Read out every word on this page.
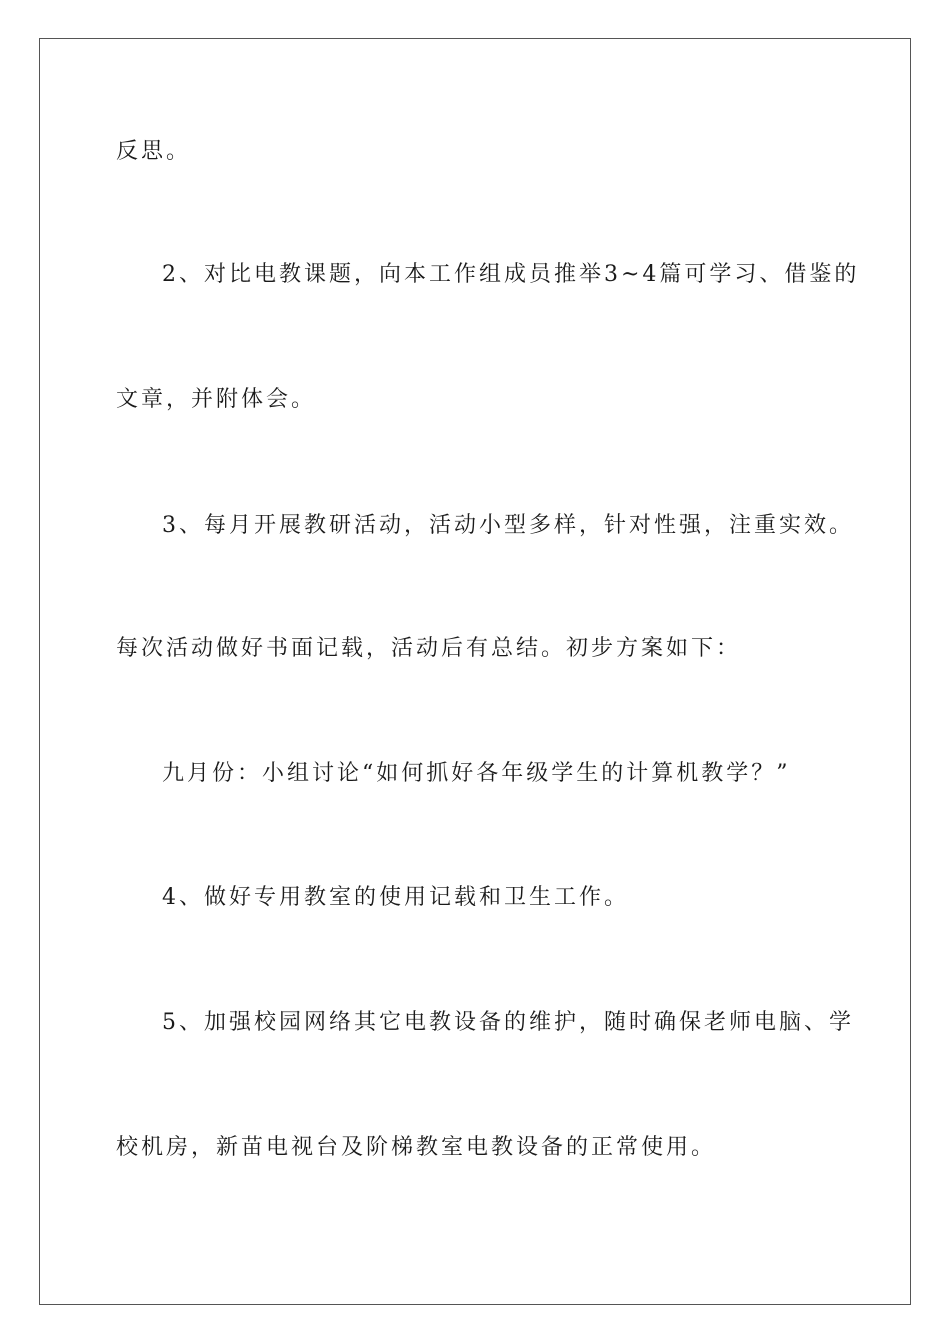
反思。
2、对比电教课题，向本工作组成员推举3~4篇可学习、借鉴的
文章，并附体会。
3、每月开展教研活动，活动小型多样，针对性强，注重实效。
每次活动做好书面记载，活动后有总结。初步方案如下：
九月份：小组讨论“如何抓好各年级学生的计算机教学？”
4、做好专用教室的使用记载和卫生工作。
5、加强校园网络其它电教设备的维护，随时确保老师电脑、学
校机房，新苗电视台及阶梯教室电教设备的正常使用。
